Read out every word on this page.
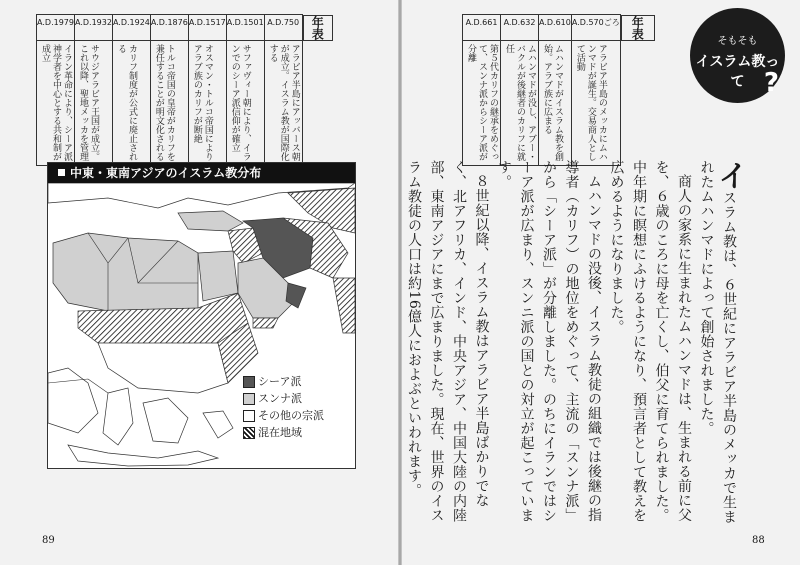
A.D.1979	A.D.1932	A.D.1924	A.D.1876	A.D.1517	A.D.1501	A.D.750	年表

イラン革命により、シーア派神学者を中心とする共和制が成立	サウジアラビア王国が成立。これ以降、聖地メッカを管理	カリフ制度が公式に廃止される	トルコ帝国の皇帝がカリフを兼任することが明文化される	オスマン・トルコ帝国によりアラブ族のカリフが断絶	サファヴィー朝により、イランでのシーア派信仰が確立	アラビア半島にアッバース朝が成立。イスラム教が国際化する
中東・東南アジアのイスラム教分布
シーア派
スンナ派
その他の宗派
混在地域
89
A.D.661	A.D.632	A.D.610	A.D.570ごろ	年表

第５代カリフの継承をめぐって、スンナ派からシーア派が分離	ムハンマドが没し、アブー・バクルが後継者のカリフに就任	ムハンマドがイスラム教を創始。アラブ族に広まる	アラビア半島のメッカにムハンマドが誕生。交易商人として活動
そもそも
イスラム教って ?

イスラム教は、６世紀にアラビア半島のメッカで生まれたムハンマドによって創始されました。

商人の家系に生まれたムハンマドは、生まれる前に父を、６歳のころに母を亡くし、伯父に育てられました。中年期に瞑想にふけるようになり、預言者として教えを広めるようになりました。

ムハンマドの没後、イスラム教徒の組織では後継の指導者（カリフ）の地位をめぐって、主流の「スンナ派」から「シーア派」が分離しました。のちにイランではシーア派が広まり、スンニ派の国との対立が起こっています。

８世紀以降、イスラム教はアラビア半島ばかりでなく、北アフリカ、インド、中央アジア、中国大陸の内陸部、東南アジアにまで広まりました。現在、世界のイスラム教徒の人口は約16億人におよぶといわれます。

88
